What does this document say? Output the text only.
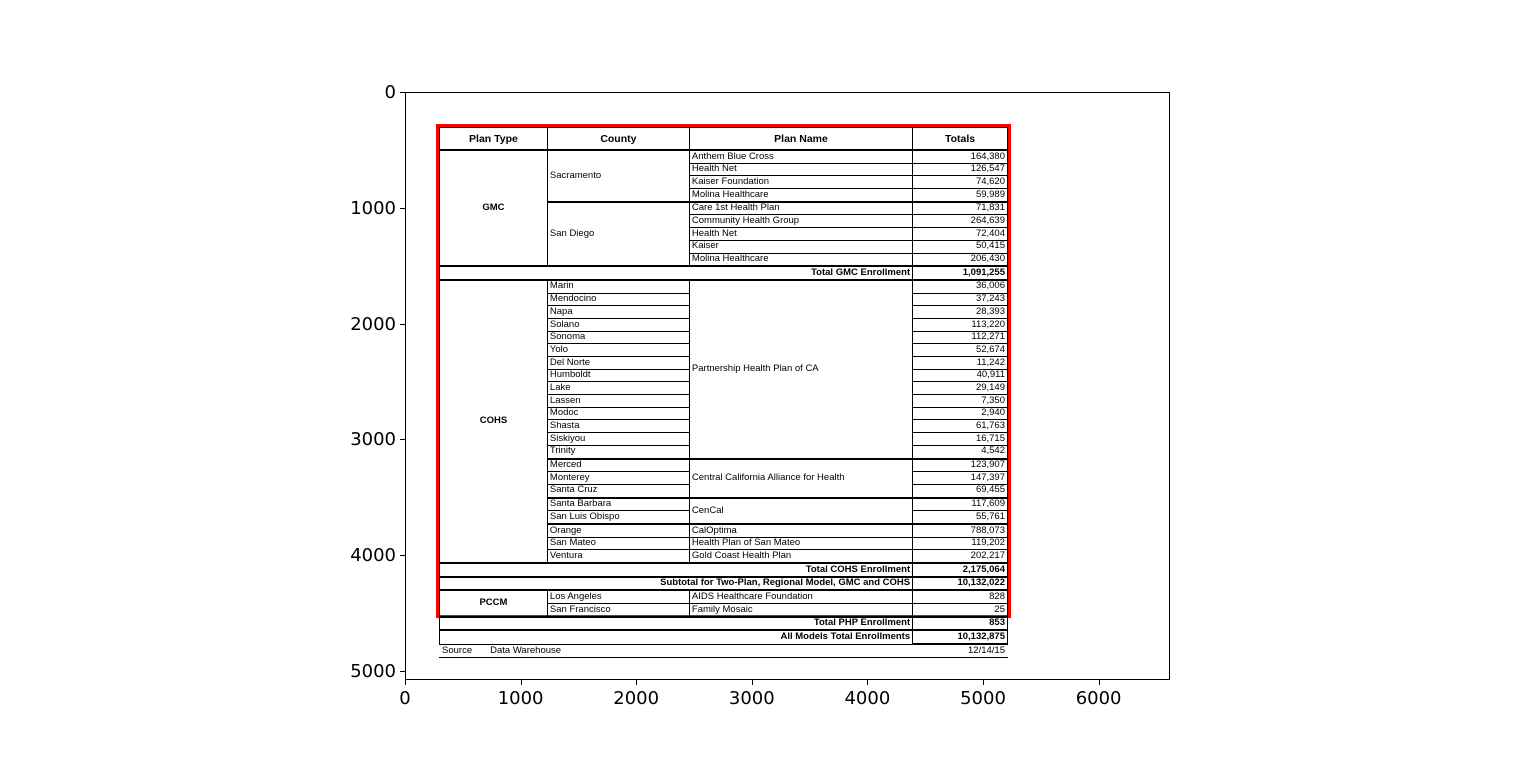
0	1000	2000	3000	4000	5000	6000
0
1000
2000
3000
4000
5000
Plan Type	County	Plan Name	Totals
GMC	Sacramento	Anthem Blue Cross	164,380
		Health Net	126,547
		Kaiser Foundation	74,620
		Molina Healthcare	59,989
	San Diego	Care 1st Health Plan	71,831
		Community Health Group	264,639
		Health Net	72,404
		Kaiser	50,415
		Molina Healthcare	206,430
Total GMC Enrollment			1,091,255
COHS	Marin	Partnership Health Plan of CA	36,006
	Mendocino		37,243
	Napa		28,393
	Solano		113,220
	Sonoma		112,271
	Yolo		52,674
	Del Norte		11,242
	Humboldt		40,911
	Lake		29,149
	Lassen		7,350
	Modoc		2,940
	Shasta		61,763
	Siskiyou		16,715
	Trinity		4,542
	Merced	Central California Alliance for Health	123,907
	Monterey		147,397
	Santa Cruz		69,455
	Santa Barbara	CenCal	117,609
	San Luis Obispo		55,761
	Orange	CalOptima	788,073
	San Mateo	Health Plan of San Mateo	119,202
	Ventura	Gold Coast Health Plan	202,217
Total COHS Enrollment			2,175,064
Subtotal for Two-Plan, Regional Model, GMC and COHS			10,132,022
PCCM	Los Angeles	AIDS Healthcare Foundation	828
	San Francisco	Family Mosaic	25
Total PHP Enrollment			853
All Models Total Enrollments			10,132,875
Source Data Warehouse	12/14/15
